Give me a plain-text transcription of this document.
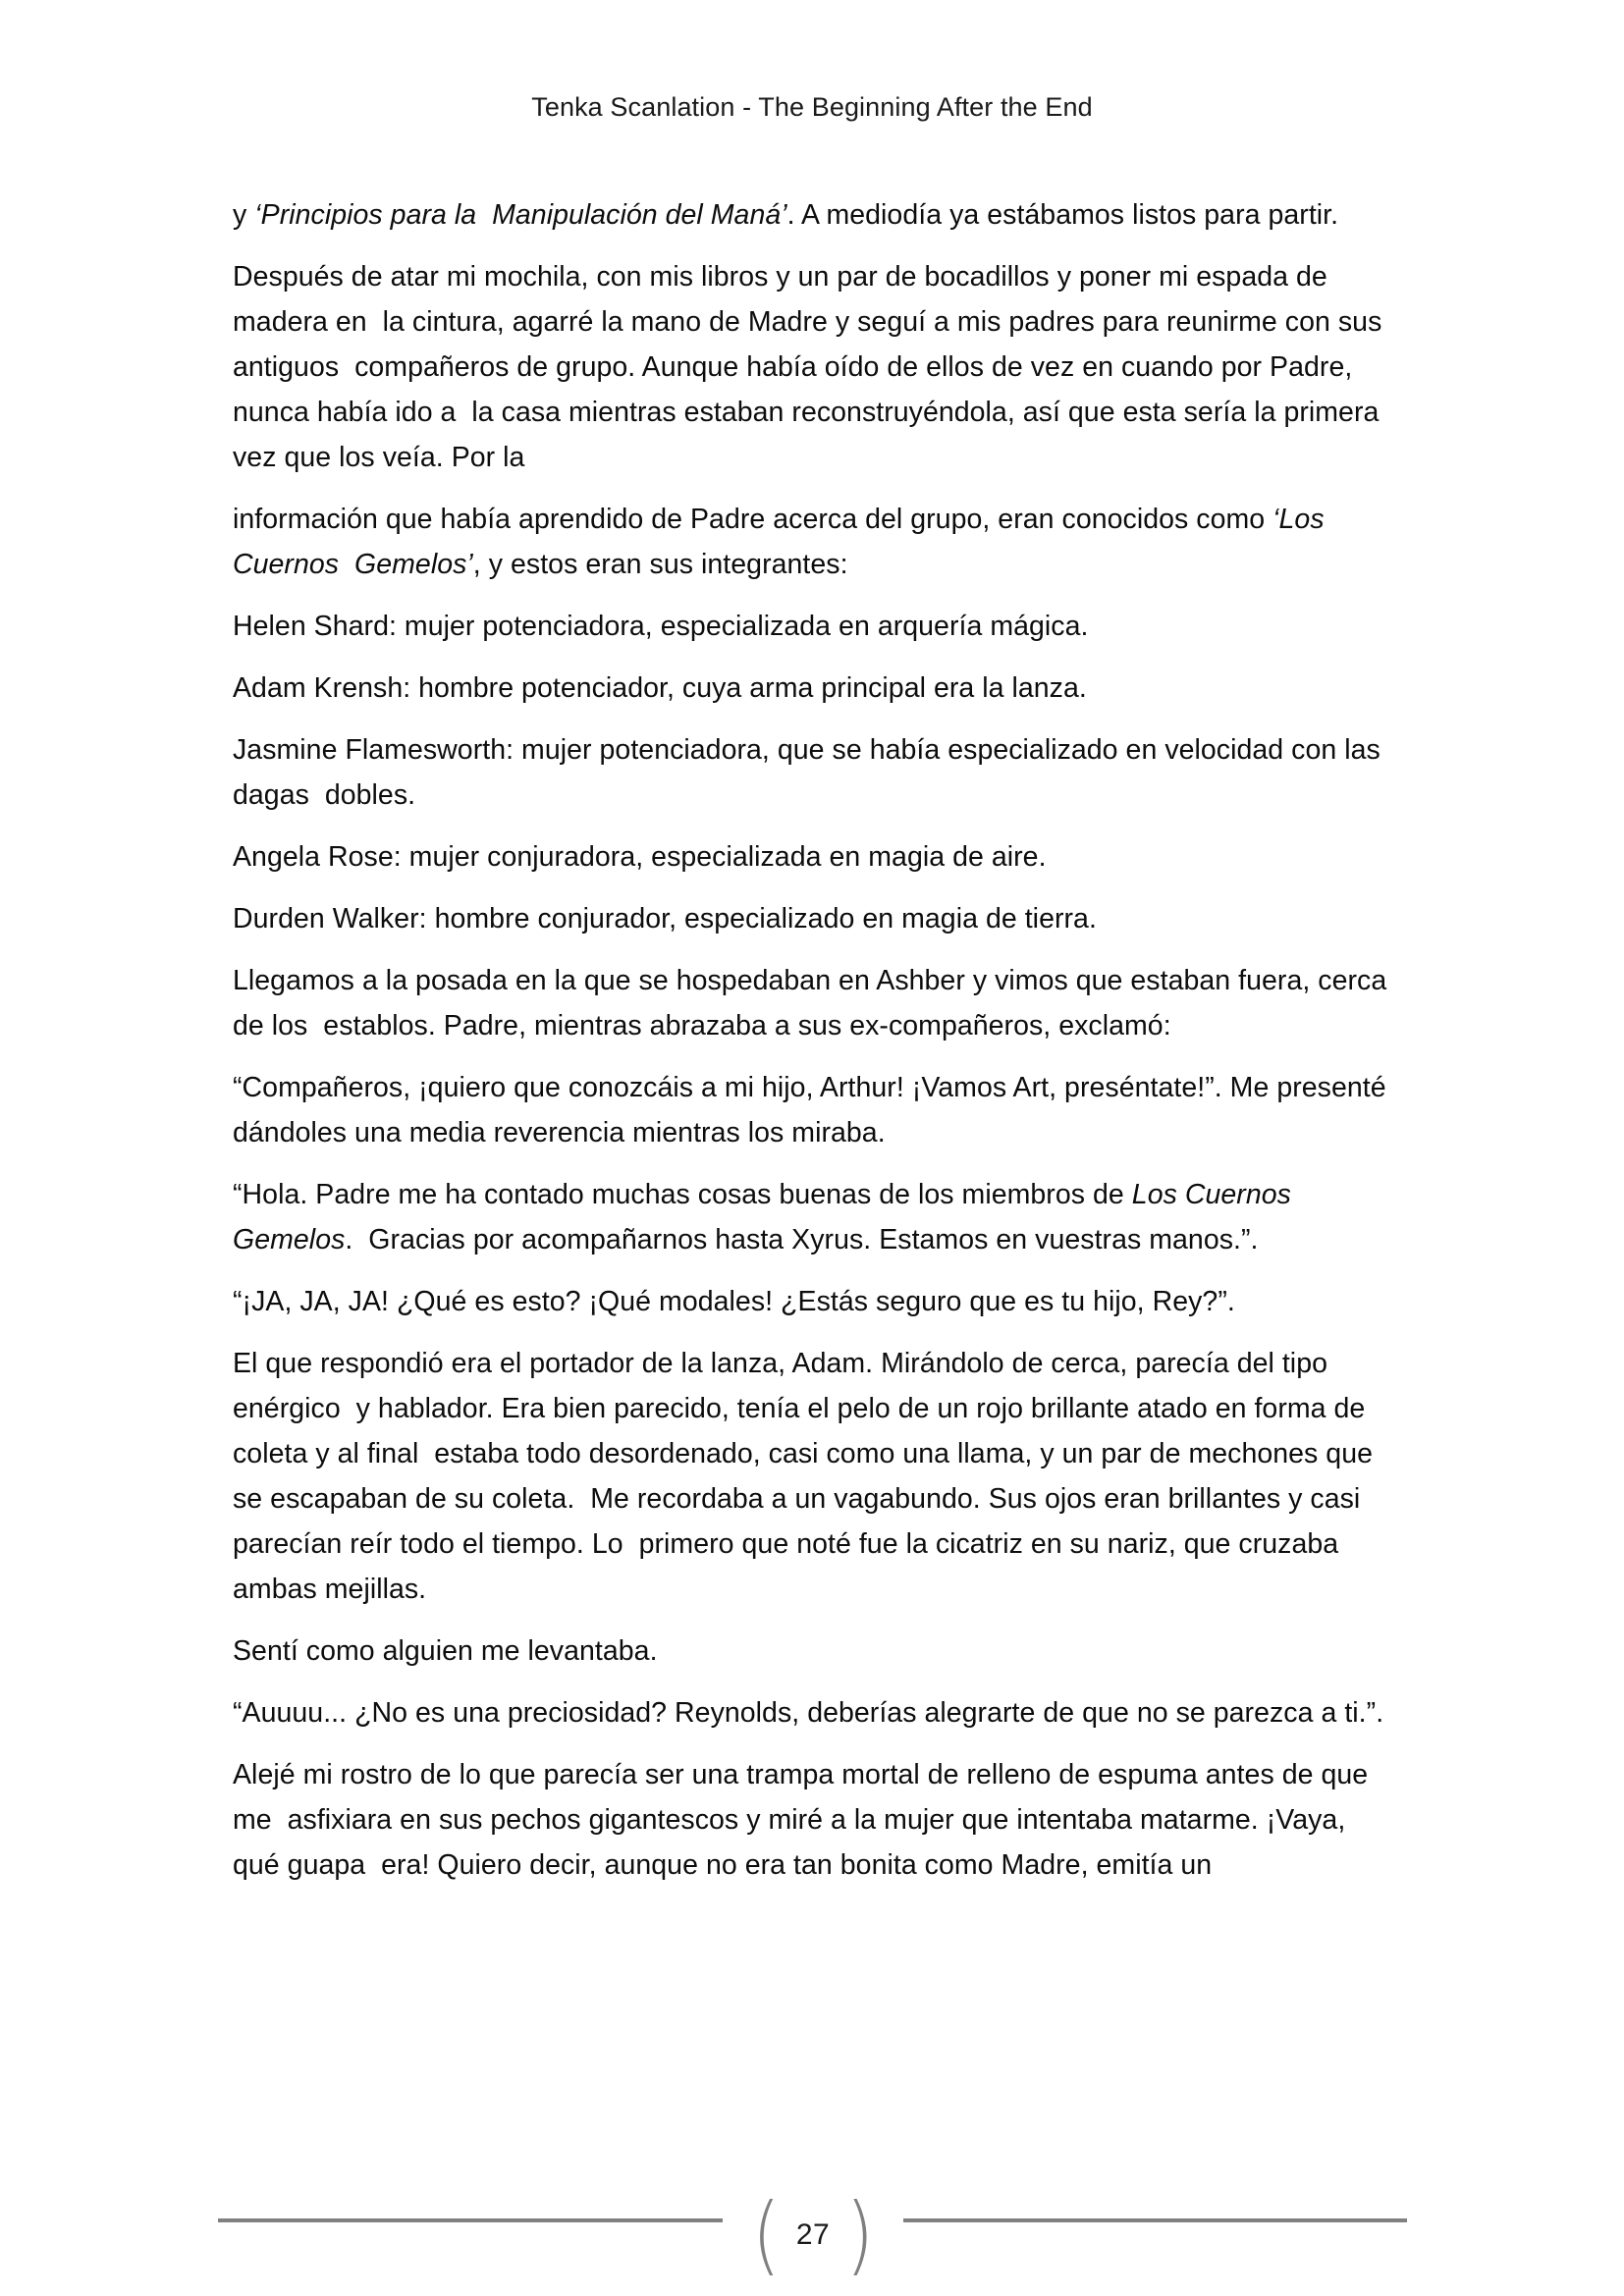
Tenka Scanlation - The Beginning After the End

y ‘Principios para la  Manipulación del Maná’. A mediodía ya estábamos listos para partir.

Después de atar mi mochila, con mis libros y un par de bocadillos y poner mi espada de madera en  la cintura, agarré la mano de Madre y seguí a mis padres para reunirme con sus antiguos  compañeros de grupo. Aunque había oído de ellos de vez en cuando por Padre, nunca había ido a  la casa mientras estaban reconstruyéndola, así que esta sería la primera vez que los veía. Por la

información que había aprendido de Padre acerca del grupo, eran conocidos como ‘Los Cuernos  Gemelos’, y estos eran sus integrantes:

Helen Shard: mujer potenciadora, especializada en arquería mágica.

Adam Krensh: hombre potenciador, cuya arma principal era la lanza.

Jasmine Flamesworth: mujer potenciadora, que se había especializado en velocidad con las dagas  dobles.

Angela Rose: mujer conjuradora, especializada en magia de aire.

Durden Walker: hombre conjurador, especializado en magia de tierra.

Llegamos a la posada en la que se hospedaban en Ashber y vimos que estaban fuera, cerca de los  establos. Padre, mientras abrazaba a sus ex-compañeros, exclamó:

“Compañeros, ¡quiero que conozcáis a mi hijo, Arthur! ¡Vamos Art, preséntate!”. Me presenté dándoles una media reverencia mientras los miraba.

“Hola. Padre me ha contado muchas cosas buenas de los miembros de Los Cuernos Gemelos.  Gracias por acompañarnos hasta Xyrus. Estamos en vuestras manos.”.

“¡JA, JA, JA! ¿Qué es esto? ¡Qué modales! ¿Estás seguro que es tu hijo, Rey?”.

El que respondió era el portador de la lanza, Adam. Mirándolo de cerca, parecía del tipo enérgico  y hablador. Era bien parecido, tenía el pelo de un rojo brillante atado en forma de coleta y al final  estaba todo desordenado, casi como una llama, y un par de mechones que se escapaban de su coleta.  Me recordaba a un vagabundo. Sus ojos eran brillantes y casi parecían reír todo el tiempo. Lo  primero que noté fue la cicatriz en su nariz, que cruzaba ambas mejillas.

Sentí como alguien me levantaba.

“Auuuu... ¿No es una preciosidad? Reynolds, deberías alegrarte de que no se parezca a ti.”.

Alejé mi rostro de lo que parecía ser una trampa mortal de relleno de espuma antes de que me  asfixiara en sus pechos gigantescos y miré a la mujer que intentaba matarme. ¡Vaya, qué guapa  era! Quiero decir, aunque no era tan bonita como Madre, emitía un

( 27 )
